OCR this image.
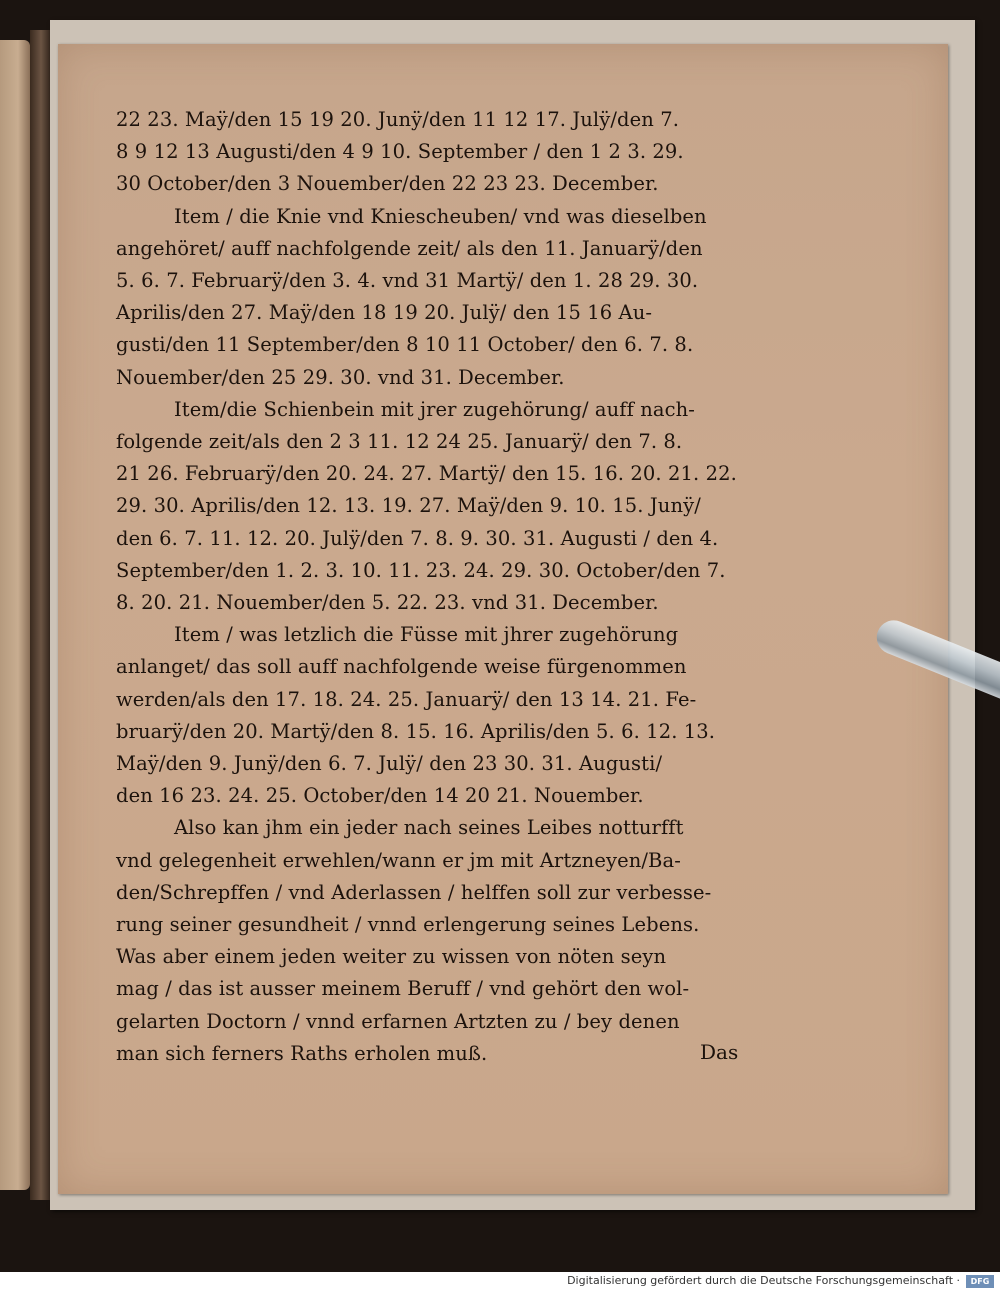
22 23. Maÿ/den 15 19 20. Junÿ/den 11 12 17. Julÿ/den 7.
8 9 12 13 Augusti/den 4 9 10. September / den 1 2 3. 29.
30 October/den 3 Nouember/den 22 23 23. December.
Item / die Knie vnd Kniescheuben/ vnd was dieselben
angehöret/ auff nachfolgende zeit/ als den 11. Januarÿ/den
5. 6. 7. Februarÿ/den 3. 4. vnd 31 Martÿ/ den 1. 28 29. 30.
Aprilis/den 27. Maÿ/den 18 19 20. Julÿ/ den 15 16 Au-
gusti/den 11 September/den 8 10 11 October/ den 6. 7. 8.
Nouember/den 25 29. 30. vnd 31. December.
Item/die Schienbein mit jrer zugehörung/ auff nach-
folgende zeit/als den 2 3 11. 12 24 25. Januarÿ/ den 7. 8.
21 26. Februarÿ/den 20. 24. 27. Martÿ/ den 15. 16. 20. 21. 22.
29. 30. Aprilis/den 12. 13. 19. 27. Maÿ/den 9. 10. 15. Junÿ/
den 6. 7. 11. 12. 20. Julÿ/den 7. 8. 9. 30. 31. Augusti / den 4.
September/den 1. 2. 3. 10. 11. 23. 24. 29. 30. October/den 7.
8. 20. 21. Nouember/den 5. 22. 23. vnd 31. December.
Item / was letzlich die Füsse mit jhrer zugehörung
anlanget/ das soll auff nachfolgende weise fürgenommen
werden/als den 17. 18. 24. 25. Januarÿ/ den 13 14. 21. Fe-
bruarÿ/den 20. Martÿ/den 8. 15. 16. Aprilis/den 5. 6. 12. 13.
Maÿ/den 9. Junÿ/den 6. 7. Julÿ/ den 23 30. 31. Augusti/
den 16 23. 24. 25. October/den 14 20 21. Nouember.
Also kan jhm ein jeder nach seines Leibes notturfft
vnd gelegenheit erwehlen/wann er jm mit Artzneyen/Ba-
den/Schrepffen / vnd Aderlassen / helffen soll zur verbesse-
rung seiner gesundheit / vnnd erlengerung seines Lebens.
Was aber einem jeden weiter zu wissen von nöten seyn
mag / das ist ausser meinem Beruff / vnd gehört den wol-
gelarten Doctorn / vnnd erfarnen Artzten zu / bey denen
man sich ferners Raths erholen muß.	Das
Digitalisierung gefördert durch die Deutsche Forschungsgemeinschaft ·	DFG
